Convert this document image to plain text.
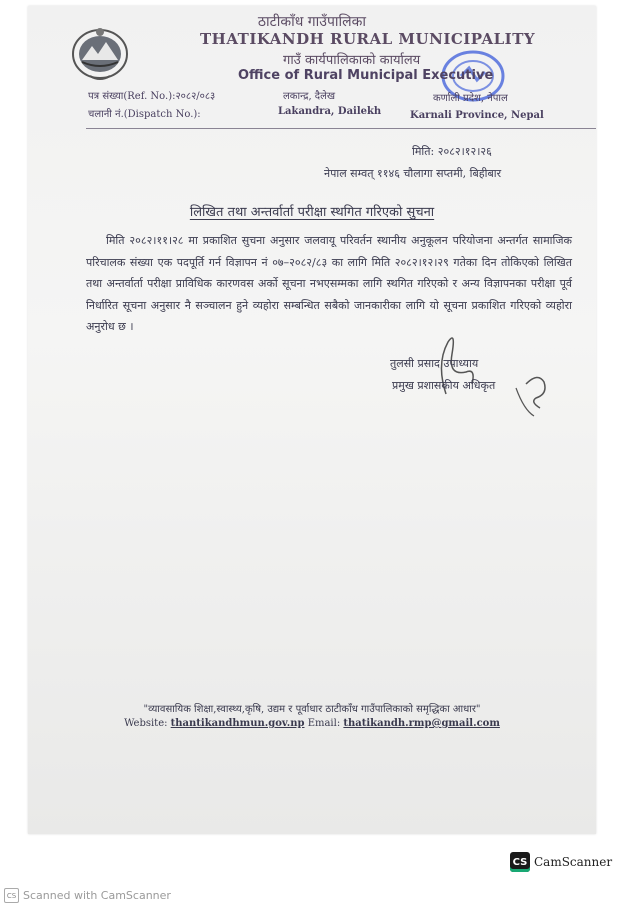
ठाटीकाँध गाउँपालिका
THATIKANDH RURAL MUNICIPALITY
गाउँ कार्यपालिकाको कार्यालय
Office of Rural Municipal Executive
पत्र संख्या(Ref. No.):२०८२/०८३	लकान्द्र, दैलेख	कर्णाली प्रदेश, नेपाल
चलानी नं.(Dispatch No.):	Lakandra, Dailekh	Karnali Province, Nepal
मिति: २०८२।१२।२६
नेपाल सम्वत् ११४६ चौलागा सप्तमी, बिहीबार
लिखित तथा अन्तर्वार्ता परीक्षा स्थगित गरिएको सुचना
मिति २०८२।११।२८ मा प्रकाशित सुचना अनुसार जलवायू परिवर्तन स्थानीय अनुकूलन परियोजना अन्तर्गत सामाजिक परिचालक संख्या एक पदपूर्ति गर्न विज्ञापन नं ०७–२०८२/८३ का लागि मिति २०८२।१२।२९ गतेका दिन तोकिएको लिखित तथा अन्तर्वार्ता परीक्षा प्राविधिक कारणवस अर्को सूचना नभएसम्मका लागि स्थगित गरिएको र अन्य विज्ञापनका परीक्षा पूर्व निर्धारित सूचना अनुसार नै सञ्चालन हुने व्यहोरा सम्बन्धित सबैको जानकारीका लागि यो सूचना प्रकाशित गरिएको व्यहोरा अनुरोध छ ।
तुलसी प्रसाद उपाध्याय
प्रमुख प्रशासकीय अधिकृत
"व्यावसायिक शिक्षा,स्वास्थ्य,कृषि, उद्यम र पूर्वाधार ठाटीकाँध गाउँपालिकाको समृद्धिका आधार"
Website: thantikandhmun.gov.np Email: thatikandh.rmp@gmail.com
CS CamScanner
CS Scanned with CamScanner
